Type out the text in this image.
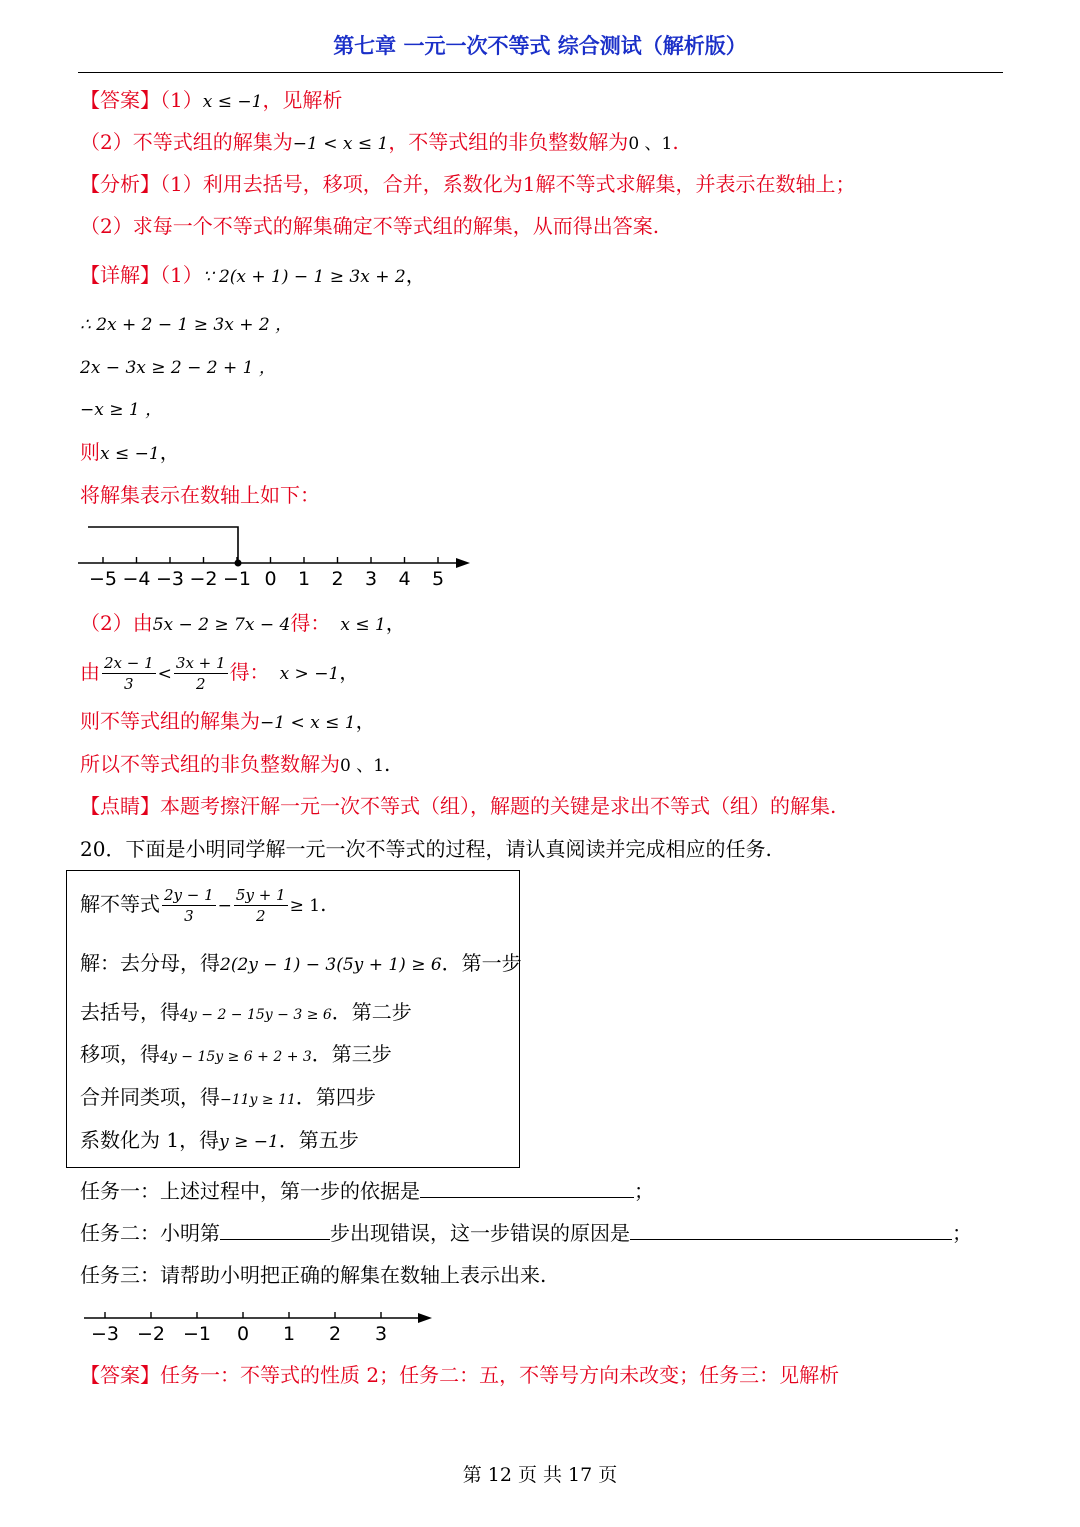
第七章 一元一次不等式 综合测试（解析版）
【答案】（1）x ≤ −1，见解析
（2）不等式组的解集为−1 < x ≤ 1，不等式组的非负整数解为0 、1.
【分析】（1）利用去括号，移项，合并，系数化为1解不等式求解集，并表示在数轴上；
（2）求每一个不等式的解集确定不等式组的解集，从而得出答案.
【详解】（1）∵ 2(x + 1) − 1 ≥ 3x + 2，
∴ 2x + 2 − 1 ≥ 3x + 2 ，
2x − 3x ≥ 2 − 2 + 1 ，
−x ≥ 1 ，
则x ≤ −1，
将解集表示在数轴上如下：
−5 −4 −3 −2 −1 0 1 2 3 4 5
（2）由5x − 2 ≥ 7x − 4得： x ≤ 1，
由 $\frac{2x - 1}{3} < \frac{3x + 1}{2}$ 得： x > −1，
则不等式组的解集为−1 < x ≤ 1，
所以不等式组的非负整数解为0 、1.
【点睛】本题考擦汗解一元一次不等式（组），解题的关键是求出不等式（组）的解集.
20．下面是小明同学解一元一次不等式的过程，请认真阅读并完成相应的任务.
解不等式 $\frac{2y - 1}{3} - \frac{5y + 1}{2} \ge 1$.
解：去分母，得2(2y − 1) − 3(5y + 1) ≥ 6．第一步
去括号，得4y − 2 − 15y − 3 ≥ 6．第二步
移项，得4y − 15y ≥ 6 + 2 + 3．第三步
合并同类项，得−11y ≥ 11．第四步
系数化为 1，得y ≥ −1．第五步
任务一：上述过程中，第一步的依据是	；
任务二：小明第	步出现错误，这一步错误的原因是	；
任务三：请帮助小明把正确的解集在数轴上表示出来.
−3 −2 −1 0 1 2 3
【答案】任务一：不等式的性质 2；任务二：五，不等号方向未改变；任务三：见解析
第 12 页 共 17 页
